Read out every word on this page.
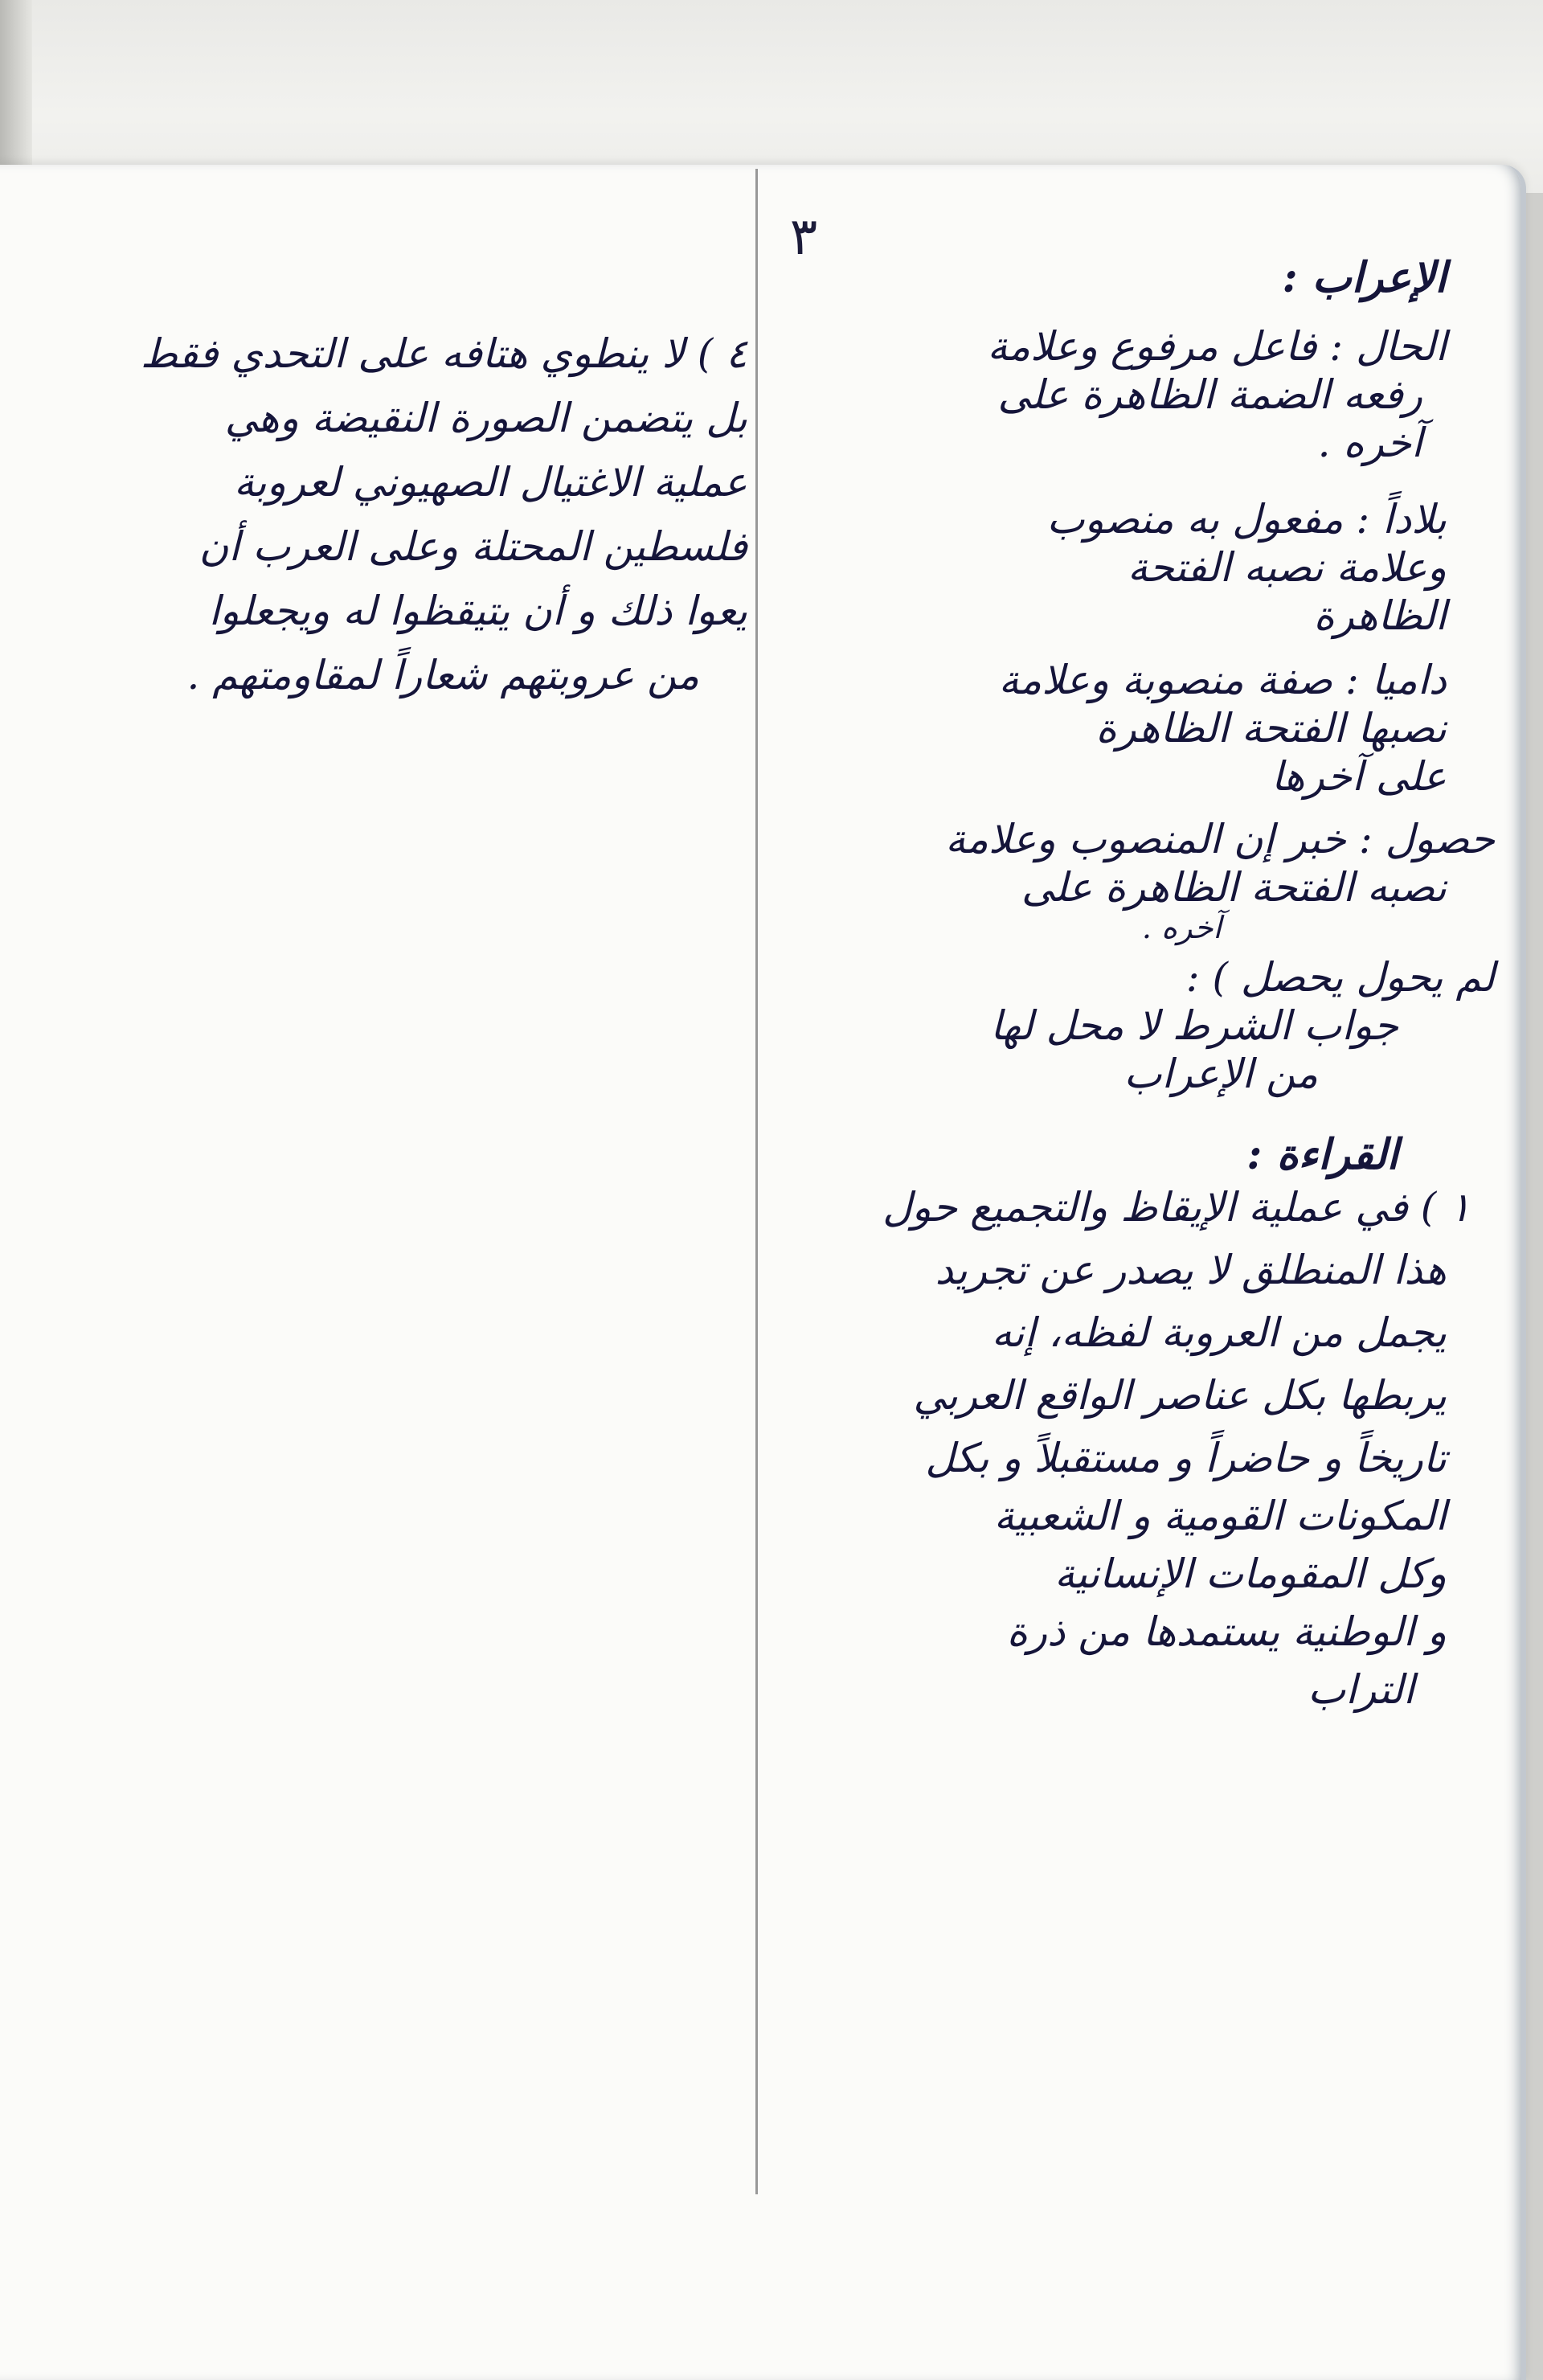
٣

الإعراب :

الحال : فاعل مرفوع وعلامة

رفعه الضمة الظاهرة على

آخره .

بلاداً : مفعول به منصوب

وعلامة نصبه الفتحة

الظاهرة

داميا : صفة منصوبة وعلامة

نصبها الفتحة الظاهرة

على آخرها

حصول : خبر إن المنصوب وعلامة

نصبه الفتحة الظاهرة على

آخره .

لم يحول يحصل ) :

جواب الشرط لا محل لها

من الإعراب

القراءة :

١ ) في عملية الإيقاظ والتجميع حول

هذا المنطلق لا يصدر عن تجريد

يجمل من العروبة لفظه، إنه

يربطها بكل عناصر الواقع العربي

تاريخاً و حاضراً و مستقبلاً و بكل

المكونات القومية و الشعبية

وكل المقومات الإنسانية

و الوطنية يستمدها من ذرة

التراب

٤ ) لا ينطوي هتافه على التحدي فقط

بل يتضمن الصورة النقيضة وهي

عملية الاغتيال الصهيوني لعروبة

فلسطين المحتلة وعلى العرب أن

يعوا ذلك و أن يتيقظوا له ويجعلوا

من عروبتهم شعاراً لمقاومتهم .
